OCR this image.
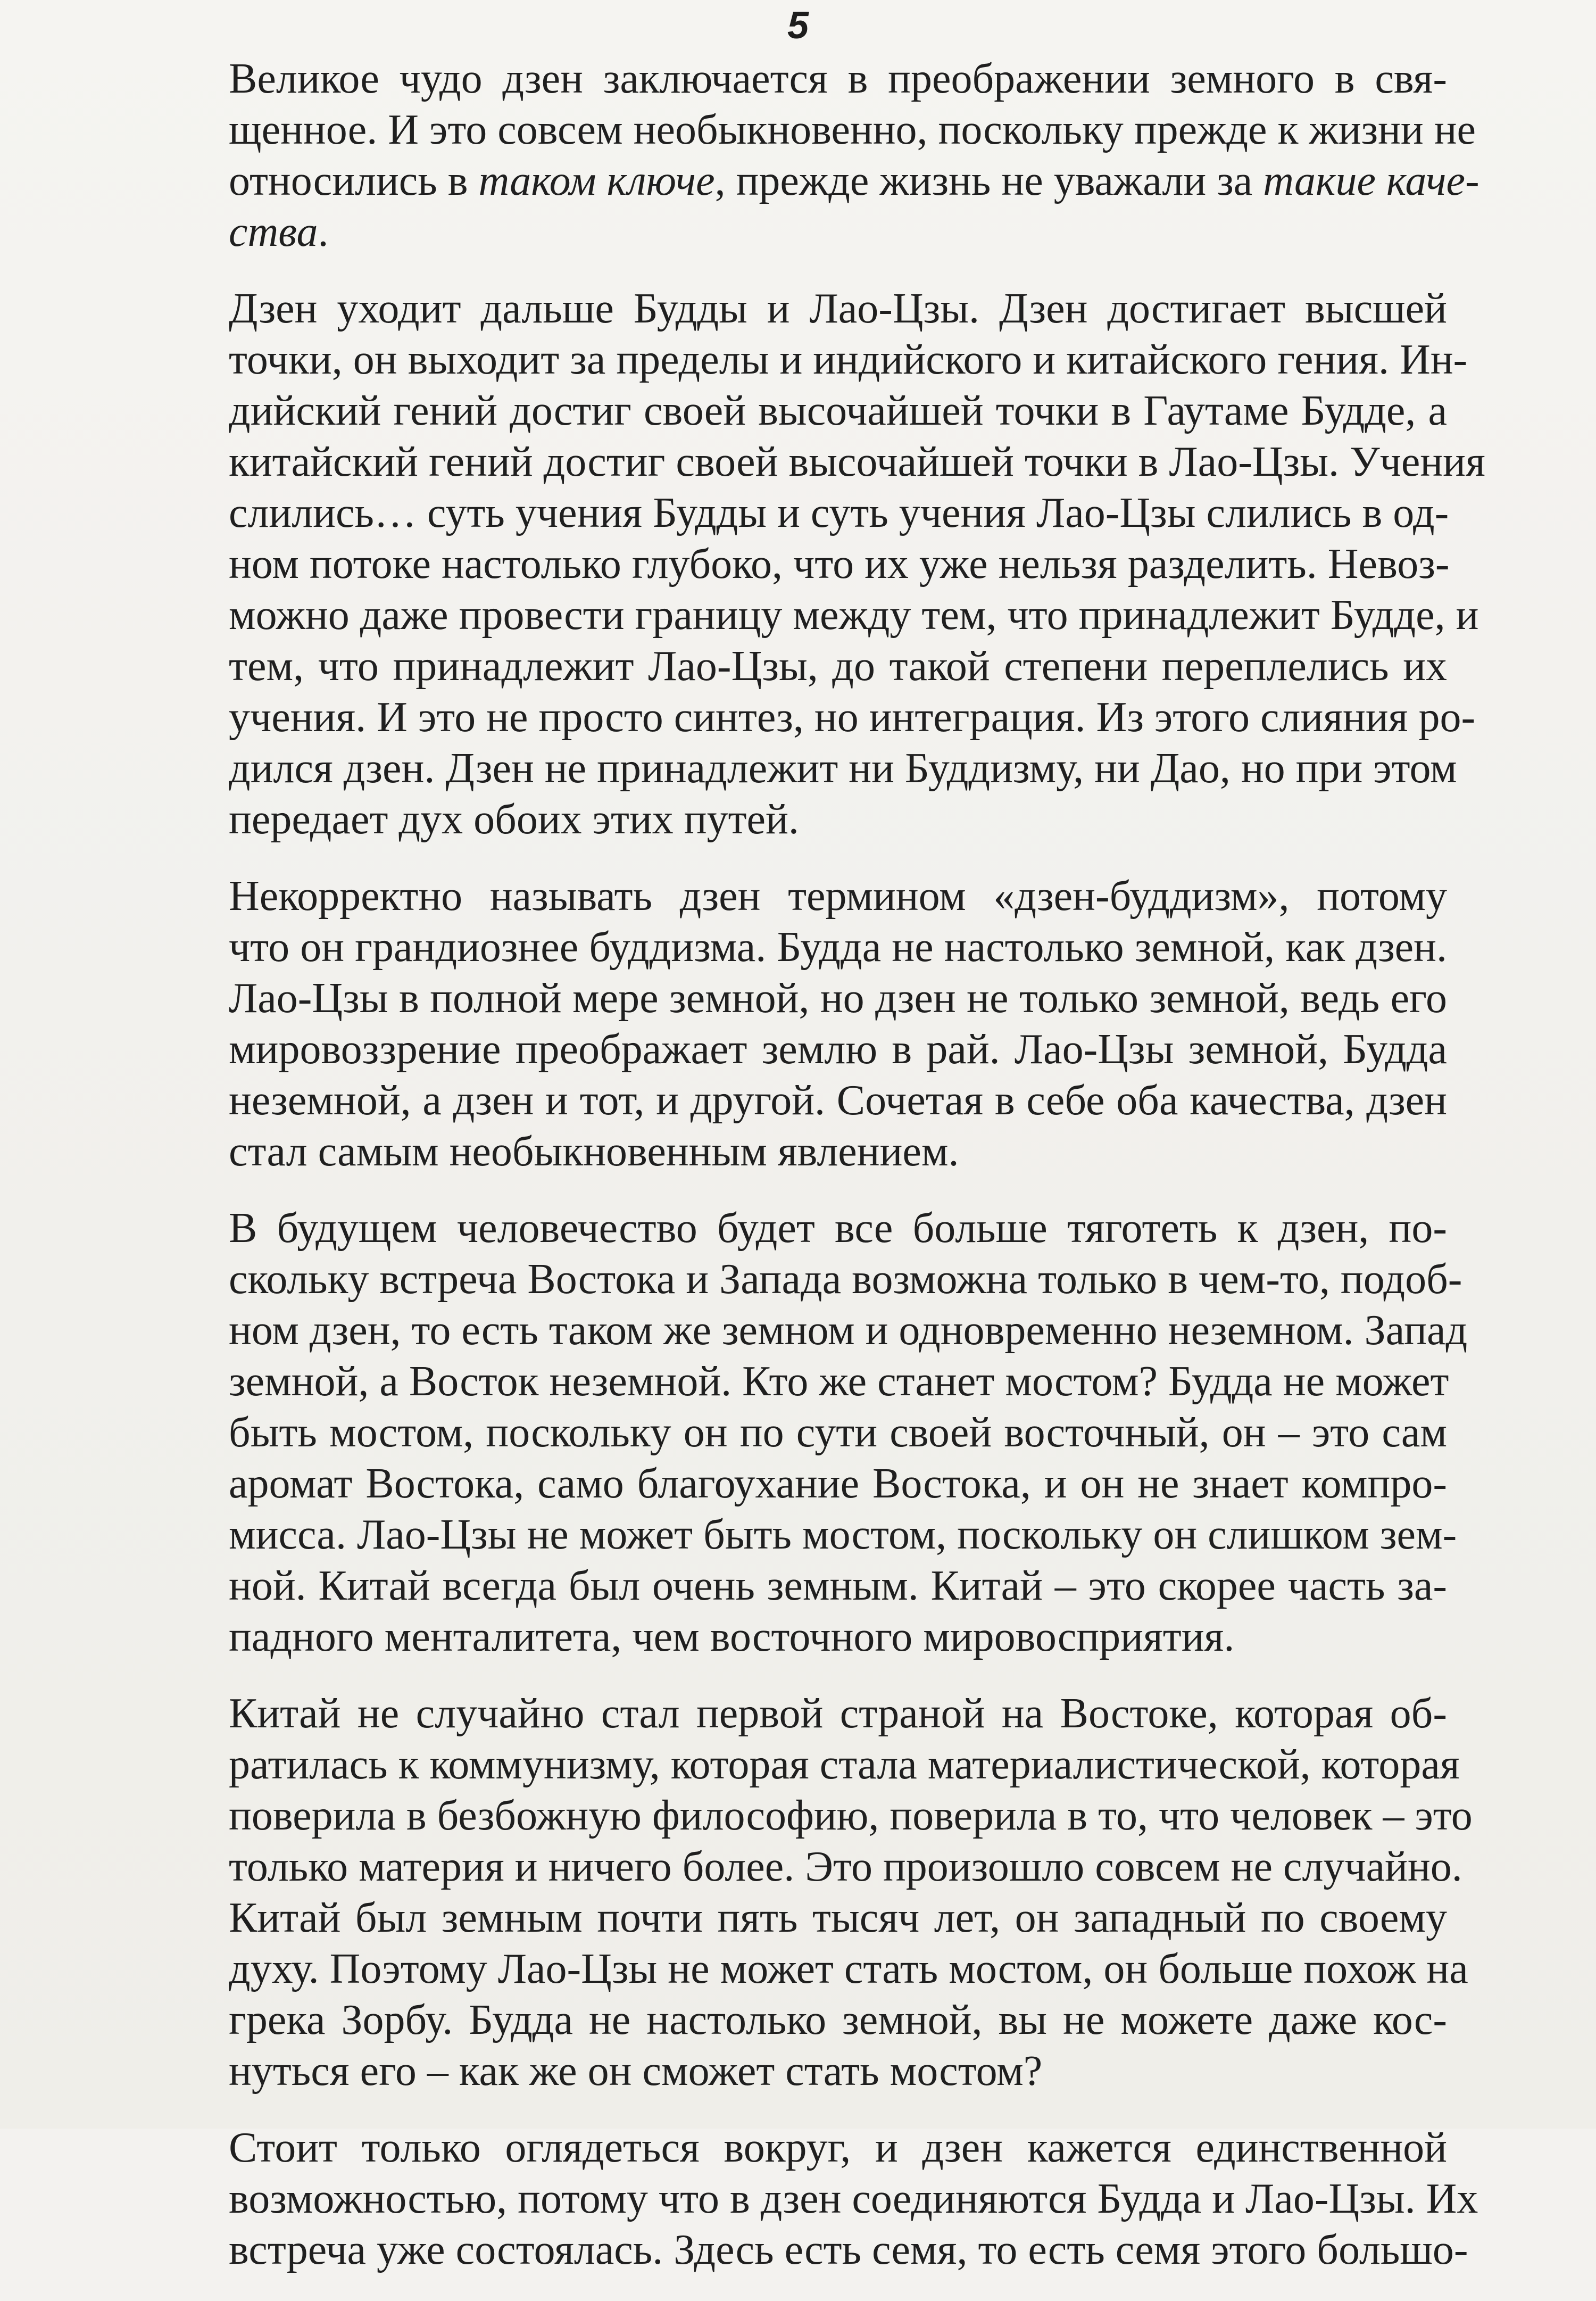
5
Великое чудо дзен заключается в преображении земного в свя-
щенное. И это совсем необыкновенно, поскольку прежде к жизни не
относились в таком ключе, прежде жизнь не уважали за такие каче-
ства.
Дзен уходит дальше Будды и Лао-Цзы. Дзен достигает высшей
точки, он выходит за пределы и индийского и китайского гения. Ин-
дийский гений достиг своей высочайшей точки в Гаутаме Будде, а
китайский гений достиг своей высочайшей точки в Лао-Цзы. Учения
слились… суть учения Будды и суть учения Лао-Цзы слились в од-
ном потоке настолько глубоко, что их уже нельзя разделить. Невоз-
можно даже провести границу между тем, что принадлежит Будде, и
тем, что принадлежит Лао-Цзы, до такой степени переплелись их
учения. И это не просто синтез, но интеграция. Из этого слияния ро-
дился дзен. Дзен не принадлежит ни Буддизму, ни Дао, но при этом
передает дух обоих этих путей.
Некорректно называть дзен термином «дзен-буддизм», потому
что он грандиознее буддизма. Будда не настолько земной, как дзен.
Лао-Цзы в полной мере земной, но дзен не только земной, ведь его
мировоззрение преображает землю в рай. Лао-Цзы земной, Будда
неземной, а дзен и тот, и другой. Сочетая в себе оба качества, дзен
стал самым необыкновенным явлением.
В будущем человечество будет все больше тяготеть к дзен, по-
скольку встреча Востока и Запада возможна только в чем-то, подоб-
ном дзен, то есть таком же земном и одновременно неземном. Запад
земной, а Восток неземной. Кто же станет мостом? Будда не может
быть мостом, поскольку он по сути своей восточный, он – это сам
аромат Востока, само благоухание Востока, и он не знает компро-
мисса. Лао-Цзы не может быть мостом, поскольку он слишком зем-
ной. Китай всегда был очень земным. Китай – это скорее часть за-
падного менталитета, чем восточного мировосприятия.
Китай не случайно стал первой страной на Востоке, которая об-
ратилась к коммунизму, которая стала материалистической, которая
поверила в безбожную философию, поверила в то, что человек – это
только материя и ничего более. Это произошло совсем не случайно.
Китай был земным почти пять тысяч лет, он западный по своему
духу. Поэтому Лао-Цзы не может стать мостом, он больше похож на
грека Зорбу. Будда не настолько земной, вы не можете даже кос-
нуться его – как же он сможет стать мостом?
Стоит только оглядеться вокруг, и дзен кажется единственной
возможностью, потому что в дзен соединяются Будда и Лао-Цзы. Их
встреча уже состоялась. Здесь есть семя, то есть семя этого большо-
